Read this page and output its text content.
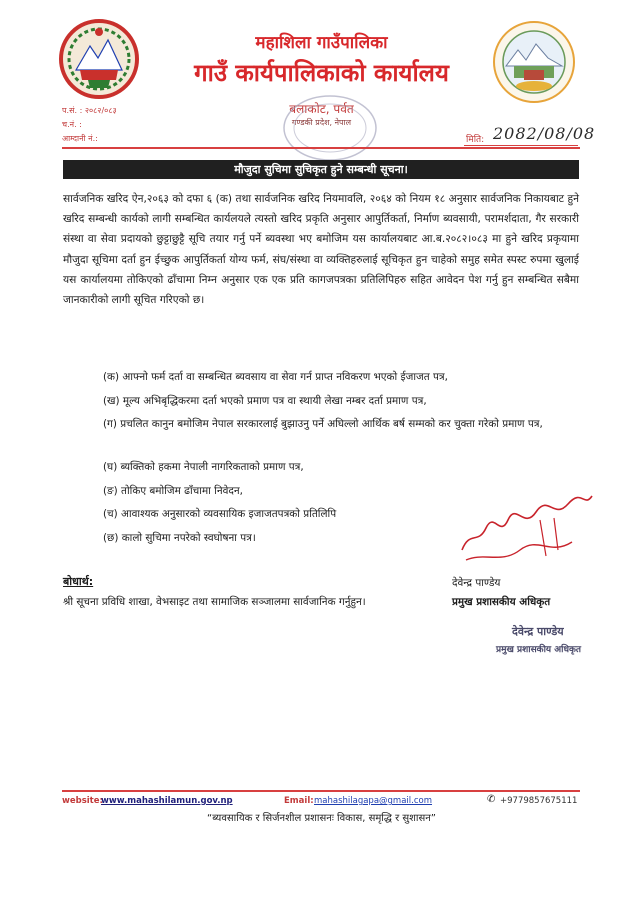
महाशिला गाउँपालिका
गाउँ कार्यपालिकाको कार्यालय
बलाकोट, पर्वत
गण्डकी प्रदेश, नेपाल
प.सं. : २०८२/०८३
च.नं. :
आम्दानी नं.:	मिति: 2082/08/08
मौजुदा सुचिमा सुचिकृत हुने सम्बन्धी सूचना।
सार्वजनिक खरिद ऐन,२०६३ को दफा ६ (क) तथा सार्वजनिक खरिद नियमावलि, २०६४ को नियम १८ अनुसार सार्वजनिक निकायबाट हुने खरिद सम्बन्धी कार्यको लागी सम्बन्धित कार्यलयले त्यस्तो खरिद प्रकृति अनुसार आपुर्तिकर्ता, निर्माण ब्यवसायी, परामर्शदाता, गैर सरकारी संस्था वा सेवा प्रदायको छुट्टाछुट्टै सूचि तयार गर्नु पर्ने ब्यवस्था भए बमोजिम यस कार्यालयबाट आ.ब.२०८२।०८३ मा हुने खरिद प्रकृयामा मौजुदा सूचिमा दर्ता हुन ईच्छुक आपुर्तिकर्ता योग्य फर्म, संघ/संस्था वा व्यक्तिहरुलाई सूचिकृत हुन चाहेको समुह समेत स्पस्ट रुपमा खुलाई यस कार्यालयमा तोकिएको ढाँचामा निम्न अनुसार एक एक प्रति कागजपत्रका प्रतिलिपिहरु सहित आवेदन पेश गर्नु हुन सम्बन्धित सबैमा जानकारीको लागी सूचित गरिएको छ।
(क) आफ्नो फर्म दर्ता वा सम्बन्धित ब्यवसाय वा सेवा गर्न प्राप्त नविकरण भएको ईजाजत पत्र,
(ख) मूल्य अभिबृद्धिकरमा दर्ता भएको प्रमाण पत्र वा स्थायी लेखा नम्बर दर्ता प्रमाण पत्र,
(ग) प्रचलित कानुन बमोजिम नेपाल सरकारलाई बुझाउनु पर्ने अघिल्लो आर्थिक बर्ष सम्मको कर चुक्ता गरेको प्रमाण पत्र,
(घ) ब्यक्तिको हकमा नेपाली नागरिकताको प्रमाण पत्र,
(ङ) तोकिए बमोजिम ढाँचामा निवेदन,
(च) आवाश्यक अनुसारको व्यवसायिक इजाजतपत्रको प्रतिलिपि
(छ) कालो सुचिमा नपरेको स्वघोषना पत्र।
देवेन्द्र पाण्डेय
बोधार्थ:
श्री सूचना प्रविधि शाखा, वेभसाइट तथा सामाजिक सञ्जालमा सार्वजानिक गर्नुहुन।	प्रमुख प्रशासकीय अधिकृत
देवेन्द्र पाण्डेय
प्रमुख प्रशासकीय अधिकृत
website:
www.mahashilamun.gov.np	Email: mahashilagapa@gmail.com	✆ +9779857675111
“ब्यवसायिक र सिर्जनशील प्रशासनः विकास, समृद्धि र सुशासन”
